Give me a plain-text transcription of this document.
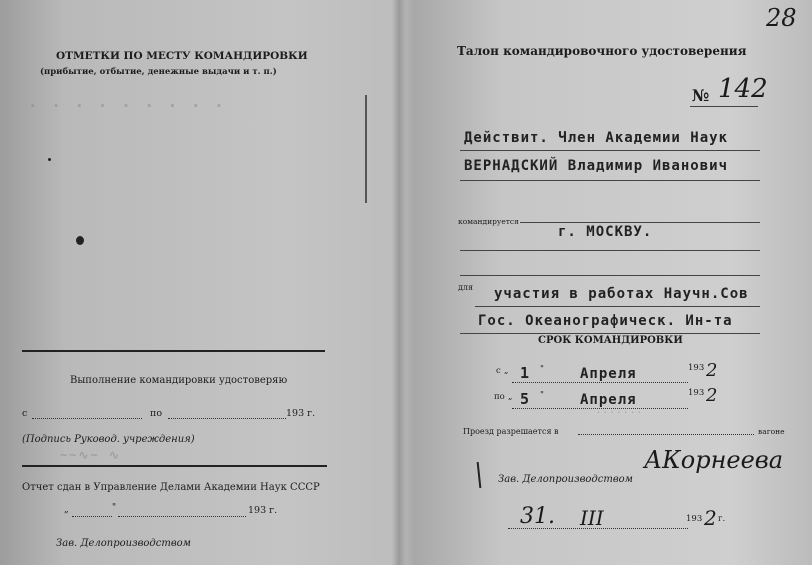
ОТМЕТКИ ПО МЕСТУ КОМАНДИРОВКИ
(прибытие, отбытие, денежные выдачи и т. п.)
· · · · · · · · ·
Выполнение командировки удостоверяю
с	по	193 г.
(Подпись Руковод. учреждения)
~~∿~ ∿
Отчет сдан в Управление Делами Академии Наук СССР
„	"	193 г.
Зав. Делопроизводством
28
Талон командировочного удостоверения
№ 142
Действит. Член Академии Наук
ВЕРНАДСКИЙ Владимир Иванович
командируется
г. МОСКВУ.
для участия в работах Научн.Сов
Гос. Океанографическ. Ин-та
СРОК КОМАНДИРОВКИ
с „ 1 "	Апреля	193 2
по „ 5 "	Апреля	193 2
·······
Проезд разрешается в	вагоне
Зав. Делопроизводством
АКорнеева
31. III	193 2 г.
